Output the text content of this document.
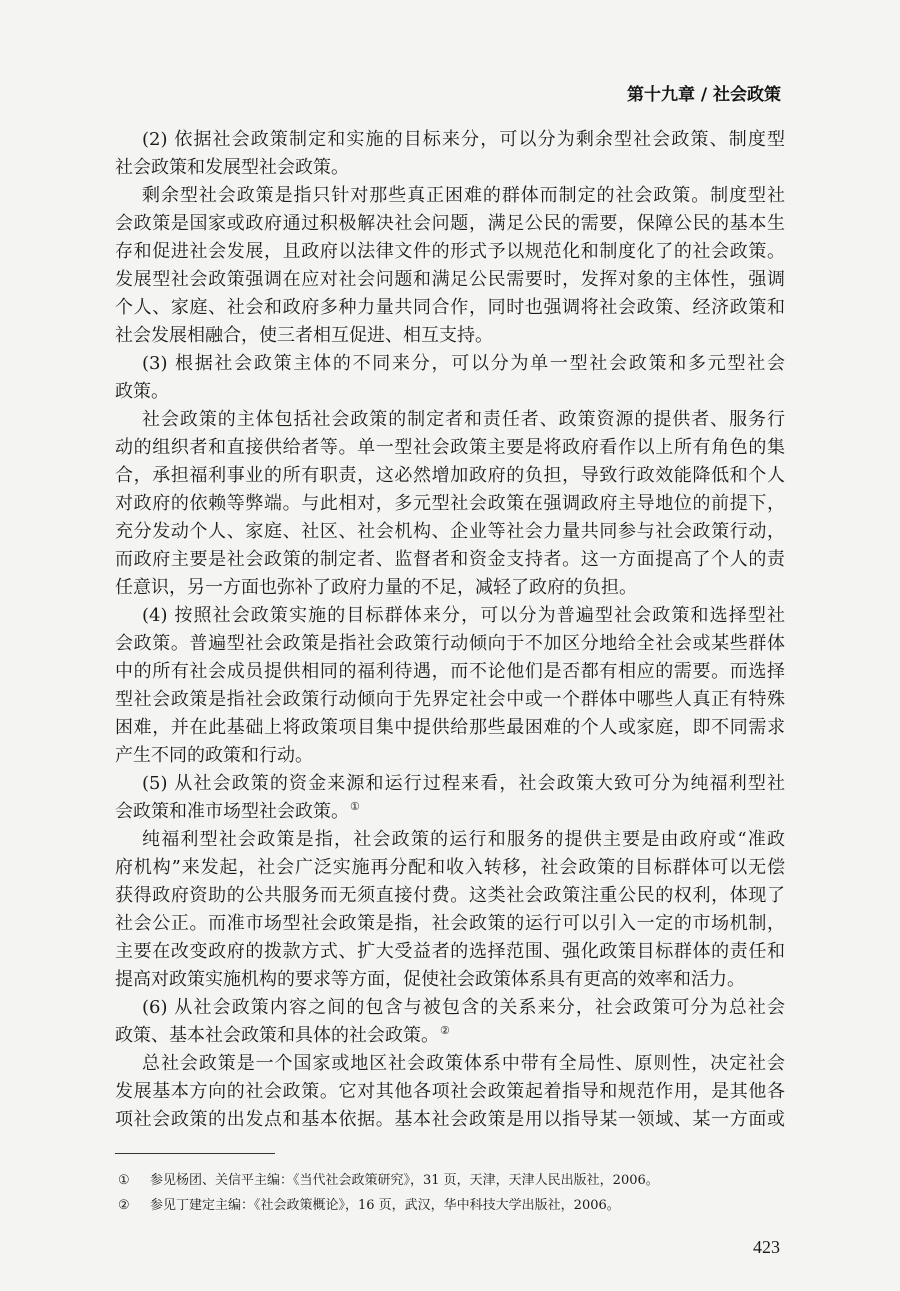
第十九章 / 社会政策
(2) 依据社会政策制定和实施的目标来分，可以分为剩余型社会政策、制度型
社会政策和发展型社会政策。
剩余型社会政策是指只针对那些真正困难的群体而制定的社会政策。制度型社
会政策是国家或政府通过积极解决社会问题，满足公民的需要，保障公民的基本生
存和促进社会发展，且政府以法律文件的形式予以规范化和制度化了的社会政策。
发展型社会政策强调在应对社会问题和满足公民需要时，发挥对象的主体性，强调
个人、家庭、社会和政府多种力量共同合作，同时也强调将社会政策、经济政策和
社会发展相融合，使三者相互促进、相互支持。
(3) 根据社会政策主体的不同来分，可以分为单一型社会政策和多元型社会
政策。
社会政策的主体包括社会政策的制定者和责任者、政策资源的提供者、服务行
动的组织者和直接供给者等。单一型社会政策主要是将政府看作以上所有角色的集
合，承担福利事业的所有职责，这必然增加政府的负担，导致行政效能降低和个人
对政府的依赖等弊端。与此相对，多元型社会政策在强调政府主导地位的前提下，
充分发动个人、家庭、社区、社会机构、企业等社会力量共同参与社会政策行动，
而政府主要是社会政策的制定者、监督者和资金支持者。这一方面提高了个人的责
任意识，另一方面也弥补了政府力量的不足，减轻了政府的负担。
(4) 按照社会政策实施的目标群体来分，可以分为普遍型社会政策和选择型社
会政策。普遍型社会政策是指社会政策行动倾向于不加区分地给全社会或某些群体
中的所有社会成员提供相同的福利待遇，而不论他们是否都有相应的需要。而选择
型社会政策是指社会政策行动倾向于先界定社会中或一个群体中哪些人真正有特殊
困难，并在此基础上将政策项目集中提供给那些最困难的个人或家庭，即不同需求
产生不同的政策和行动。
(5) 从社会政策的资金来源和运行过程来看，社会政策大致可分为纯福利型社
会政策和准市场型社会政策。①
纯福利型社会政策是指，社会政策的运行和服务的提供主要是由政府或“准政
府机构”来发起，社会广泛实施再分配和收入转移，社会政策的目标群体可以无偿
获得政府资助的公共服务而无须直接付费。这类社会政策注重公民的权利，体现了
社会公正。而准市场型社会政策是指，社会政策的运行可以引入一定的市场机制，
主要在改变政府的拨款方式、扩大受益者的选择范围、强化政策目标群体的责任和
提高对政策实施机构的要求等方面，促使社会政策体系具有更高的效率和活力。
(6) 从社会政策内容之间的包含与被包含的关系来分，社会政策可分为总社会
政策、基本社会政策和具体的社会政策。②
总社会政策是一个国家或地区社会政策体系中带有全局性、原则性，决定社会
发展基本方向的社会政策。它对其他各项社会政策起着指导和规范作用，是其他各
项社会政策的出发点和基本依据。基本社会政策是用以指导某一领域、某一方面或
① 参见杨团、关信平主编：《当代社会政策研究》，31 页，天津，天津人民出版社，2006。
② 参见丁建定主编：《社会政策概论》，16 页，武汉，华中科技大学出版社，2006。
423
